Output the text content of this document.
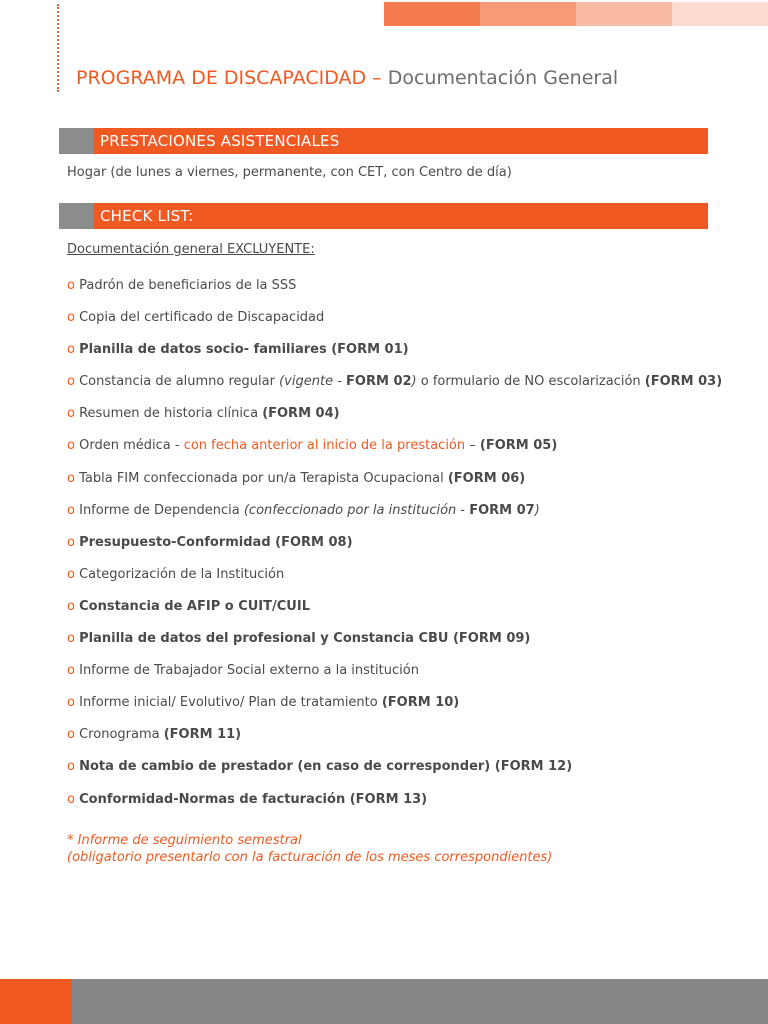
PROGRAMA DE DISCAPACIDAD – Documentación General
PRESTACIONES ASISTENCIALES
Hogar (de lunes a viernes, permanente, con CET, con Centro de día)
CHECK LIST:
Documentación general EXCLUYENTE:
o Padrón de beneficiarios de la SSS
o Copia del certificado de Discapacidad
o Planilla de datos socio- familiares (FORM 01)
o Constancia de alumno regular (vigente - FORM 02) o formulario de NO escolarización (FORM 03)
o Resumen de historia clínica (FORM 04)
o Orden médica - con fecha anterior al inicio de la prestación – (FORM 05)
o Tabla FIM confeccionada por un/a Terapista Ocupacional (FORM 06)
o Informe de Dependencia (confeccionado por la institución - FORM 07)
o Presupuesto-Conformidad (FORM 08)
o Categorización de la Institución
o Constancia de AFIP o CUIT/CUIL
o Planilla de datos del profesional y Constancia CBU (FORM 09)
o Informe de Trabajador Social externo a la institución
o Informe inicial/ Evolutivo/ Plan de tratamiento (FORM 10)
o Cronograma (FORM 11)
o Nota de cambio de prestador (en caso de corresponder) (FORM 12)
o Conformidad-Normas de facturación (FORM 13)
* Informe de seguimiento semestral
(obligatorio presentarlo con la facturación de los meses correspondientes)
